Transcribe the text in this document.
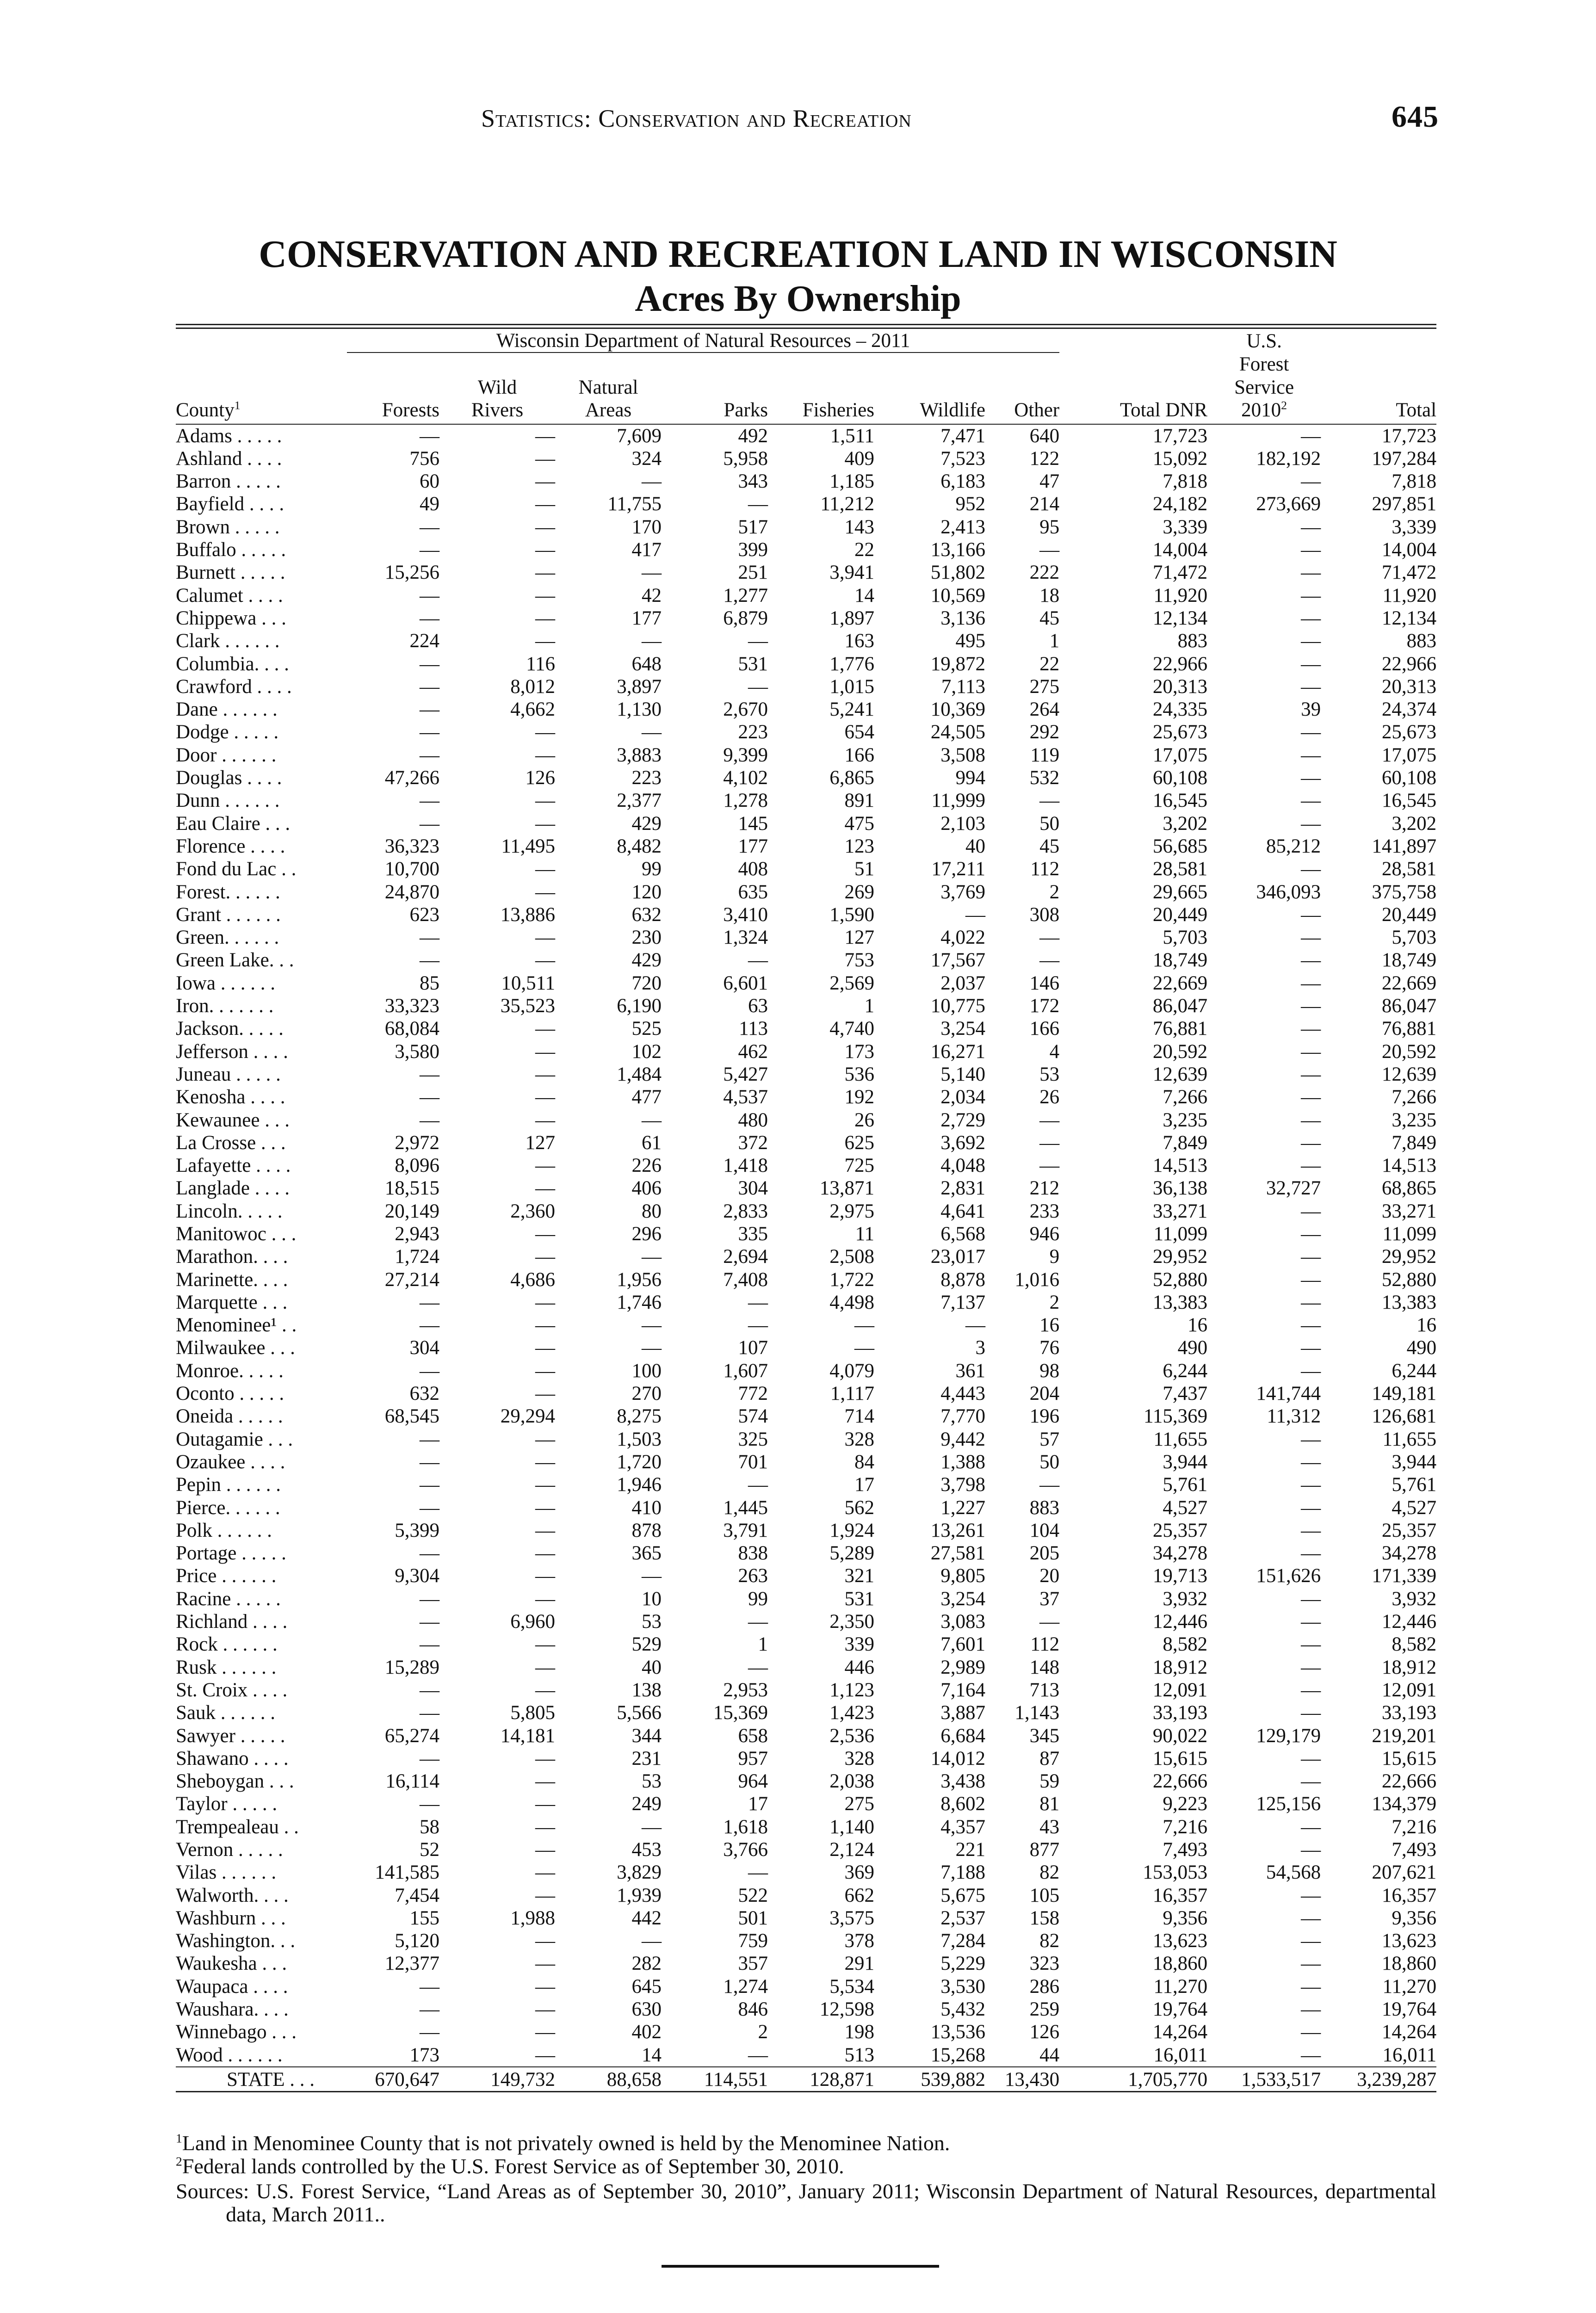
Statistics: Conservation and Recreation	645
CONSERVATION AND RECREATION LAND IN WISCONSIN
Acres By Ownership
	Wisconsin Department of Natural Resources – 2011								U.S.	
									Forest	
		Wild	Natural						Service	
County$^1$	Forests	Rivers	Areas	Parks	Fisheries	Wildlife	Other	Total DNR	2010$^2$	Total
Adams . . . . .	—	—	7,609	492	1,511	7,471	640	17,723	—	17,723
Ashland . . . .	756	—	324	5,958	409	7,523	122	15,092	182,192	197,284
Barron . . . . .	60	—	—	343	1,185	6,183	47	7,818	—	7,818
Bayfield . . . .	49	—	11,755	—	11,212	952	214	24,182	273,669	297,851
Brown . . . . .	—	—	170	517	143	2,413	95	3,339	—	3,339
Buffalo . . . . .	—	—	417	399	22	13,166	—	14,004	—	14,004
Burnett . . . . .	15,256	—	—	251	3,941	51,802	222	71,472	—	71,472
Calumet . . . .	—	—	42	1,277	14	10,569	18	11,920	—	11,920
Chippewa . . .	—	—	177	6,879	1,897	3,136	45	12,134	—	12,134
Clark . . . . . .	224	—	—	—	163	495	1	883	—	883
Columbia. . . .	—	116	648	531	1,776	19,872	22	22,966	—	22,966
Crawford . . . .	—	8,012	3,897	—	1,015	7,113	275	20,313	—	20,313
Dane . . . . . .	—	4,662	1,130	2,670	5,241	10,369	264	24,335	39	24,374
Dodge . . . . .	—	—	—	223	654	24,505	292	25,673	—	25,673
Door . . . . . .	—	—	3,883	9,399	166	3,508	119	17,075	—	17,075
Douglas . . . .	47,266	126	223	4,102	6,865	994	532	60,108	—	60,108
Dunn . . . . . .	—	—	2,377	1,278	891	11,999	—	16,545	—	16,545
Eau Claire . . .	—	—	429	145	475	2,103	50	3,202	—	3,202
Florence . . . .	36,323	11,495	8,482	177	123	40	45	56,685	85,212	141,897
Fond du Lac . .	10,700	—	99	408	51	17,211	112	28,581	—	28,581
Forest. . . . . .	24,870	—	120	635	269	3,769	2	29,665	346,093	375,758
Grant . . . . . .	623	13,886	632	3,410	1,590	—	308	20,449	—	20,449
Green. . . . . .	—	—	230	1,324	127	4,022	—	5,703	—	5,703
Green Lake. . .	—	—	429	—	753	17,567	—	18,749	—	18,749
Iowa . . . . . .	85	10,511	720	6,601	2,569	2,037	146	22,669	—	22,669
Iron. . . . . . .	33,323	35,523	6,190	63	1	10,775	172	86,047	—	86,047
Jackson. . . . .	68,084	—	525	113	4,740	3,254	166	76,881	—	76,881
Jefferson . . . .	3,580	—	102	462	173	16,271	4	20,592	—	20,592
Juneau . . . . .	—	—	1,484	5,427	536	5,140	53	12,639	—	12,639
Kenosha . . . .	—	—	477	4,537	192	2,034	26	7,266	—	7,266
Kewaunee . . .	—	—	—	480	26	2,729	—	3,235	—	3,235
La Crosse . . .	2,972	127	61	372	625	3,692	—	7,849	—	7,849
Lafayette . . . .	8,096	—	226	1,418	725	4,048	—	14,513	—	14,513
Langlade . . . .	18,515	—	406	304	13,871	2,831	212	36,138	32,727	68,865
Lincoln. . . . .	20,149	2,360	80	2,833	2,975	4,641	233	33,271	—	33,271
Manitowoc . . .	2,943	—	296	335	11	6,568	946	11,099	—	11,099
Marathon. . . .	1,724	—	—	2,694	2,508	23,017	9	29,952	—	29,952
Marinette. . . .	27,214	4,686	1,956	7,408	1,722	8,878	1,016	52,880	—	52,880
Marquette . . .	—	—	1,746	—	4,498	7,137	2	13,383	—	13,383
Menominee¹ . .	—	—	—	—	—	—	16	16	—	16
Milwaukee . . .	304	—	—	107	—	3	76	490	—	490
Monroe. . . . .	—	—	100	1,607	4,079	361	98	6,244	—	6,244
Oconto . . . . .	632	—	270	772	1,117	4,443	204	7,437	141,744	149,181
Oneida . . . . .	68,545	29,294	8,275	574	714	7,770	196	115,369	11,312	126,681
Outagamie . . .	—	—	1,503	325	328	9,442	57	11,655	—	11,655
Ozaukee . . . .	—	—	1,720	701	84	1,388	50	3,944	—	3,944
Pepin . . . . . .	—	—	1,946	—	17	3,798	—	5,761	—	5,761
Pierce. . . . . .	—	—	410	1,445	562	1,227	883	4,527	—	4,527
Polk . . . . . .	5,399	—	878	3,791	1,924	13,261	104	25,357	—	25,357
Portage . . . . .	—	—	365	838	5,289	27,581	205	34,278	—	34,278
Price . . . . . .	9,304	—	—	263	321	9,805	20	19,713	151,626	171,339
Racine . . . . .	—	—	10	99	531	3,254	37	3,932	—	3,932
Richland . . . .	—	6,960	53	—	2,350	3,083	—	12,446	—	12,446
Rock . . . . . .	—	—	529	1	339	7,601	112	8,582	—	8,582
Rusk . . . . . .	15,289	—	40	—	446	2,989	148	18,912	—	18,912
St. Croix . . . .	—	—	138	2,953	1,123	7,164	713	12,091	—	12,091
Sauk . . . . . .	—	5,805	5,566	15,369	1,423	3,887	1,143	33,193	—	33,193
Sawyer . . . . .	65,274	14,181	344	658	2,536	6,684	345	90,022	129,179	219,201
Shawano . . . .	—	—	231	957	328	14,012	87	15,615	—	15,615
Sheboygan . . .	16,114	—	53	964	2,038	3,438	59	22,666	—	22,666
Taylor . . . . .	—	—	249	17	275	8,602	81	9,223	125,156	134,379
Trempealeau . .	58	—	—	1,618	1,140	4,357	43	7,216	—	7,216
Vernon . . . . .	52	—	453	3,766	2,124	221	877	7,493	—	7,493
Vilas . . . . . .	141,585	—	3,829	—	369	7,188	82	153,053	54,568	207,621
Walworth. . . .	7,454	—	1,939	522	662	5,675	105	16,357	—	16,357
Washburn . . .	155	1,988	442	501	3,575	2,537	158	9,356	—	9,356
Washington. . .	5,120	—	—	759	378	7,284	82	13,623	—	13,623
Waukesha . . .	12,377	—	282	357	291	5,229	323	18,860	—	18,860
Waupaca . . . .	—	—	645	1,274	5,534	3,530	286	11,270	—	11,270
Waushara. . . .	—	—	630	846	12,598	5,432	259	19,764	—	19,764
Winnebago . . .	—	—	402	2	198	13,536	126	14,264	—	14,264
Wood . . . . . .	173	—	14	—	513	15,268	44	16,011	—	16,011
STATE . . .	670,647	149,732	88,658	114,551	128,871	539,882	13,430	1,705,770	1,533,517	3,239,287

$^1$Land in Menominee County that is not privately owned is held by the Menominee Nation.

$^2$Federal lands controlled by the U.S. Forest Service as of September 30, 2010.

Sources: U.S. Forest Service, “Land Areas as of September 30, 2010”, January 2011; Wisconsin Department of Natural Resources, departmental data, March 2011..
